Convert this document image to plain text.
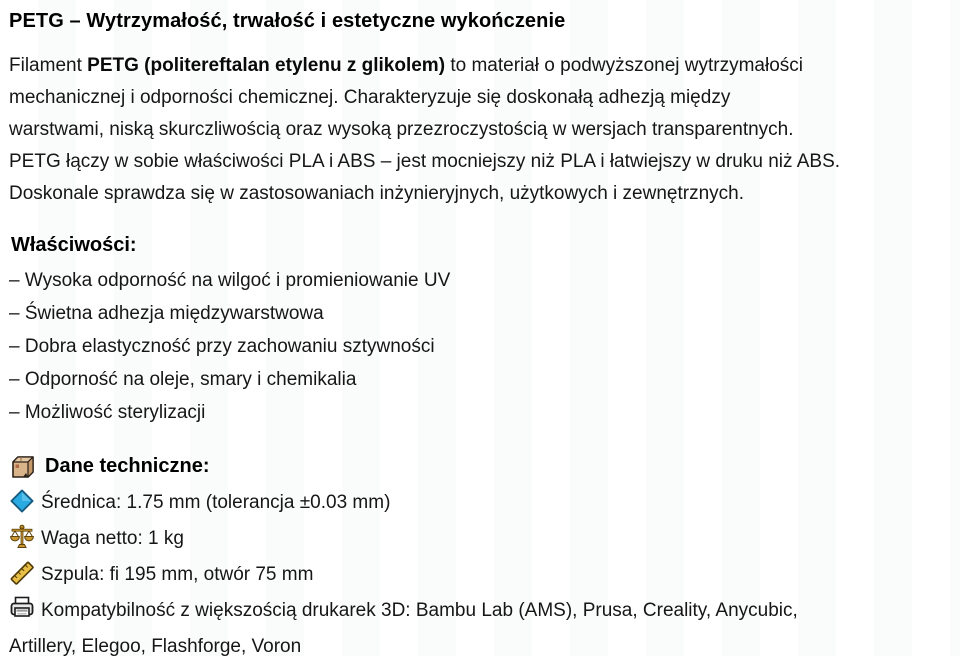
PETG – Wytrzymałość, trwałość i estetyczne wykończenie
Filament PETG (politereftalan etylenu z glikolem) to materiał o podwyższonej wytrzymałości
mechanicznej i odporności chemicznej. Charakteryzuje się doskonałą adhezją między
warstwami, niską skurczliwością oraz wysoką przezroczystością w wersjach transparentnych.
PETG łączy w sobie właściwości PLA i ABS – jest mocniejszy niż PLA i łatwiejszy w druku niż ABS.
Doskonale sprawdza się w zastosowaniach inżynieryjnych, użytkowych i zewnętrznych.
Właściwości:
– Wysoka odporność na wilgoć i promieniowanie UV
– Świetna adhezja międzywarstwowa
– Dobra elastyczność przy zachowaniu sztywności
– Odporność na oleje, smary i chemikalia
– Możliwość sterylizacji
Dane techniczne:
Średnica: 1.75 mm (tolerancja ±0.03 mm)
Waga netto: 1 kg
Szpula: fi 195 mm, otwór 75 mm
Kompatybilność z większością drukarek 3D: Bambu Lab (AMS), Prusa, Creality, Anycubic,
Artillery, Elegoo, Flashforge, Voron
